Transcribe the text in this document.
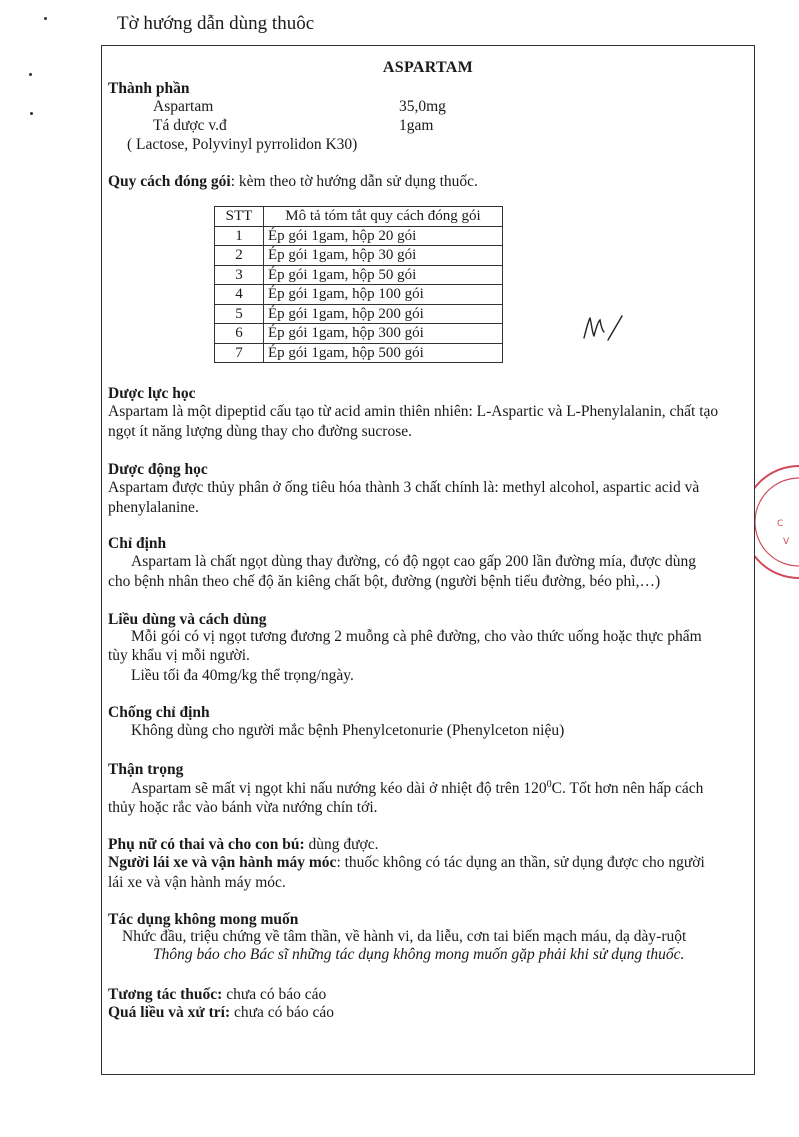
Tờ hướng dẫn dùng thuôc
ASPARTAM
Thành phần
Aspartam	35,0mg
Tá dược v.đ	1gam
( Lactose, Polyvinyl pyrrolidon K30)
Quy cách đóng gói: kèm theo tờ hướng dẫn sử dụng thuốc.
STT	Mô tả tóm tắt quy cách đóng gói
1	Ép gói 1gam, hộp 20 gói
2	Ép gói 1gam, hộp 30 gói
3	Ép gói 1gam, hộp 50 gói
4	Ép gói 1gam, hộp 100 gói
5	Ép gói 1gam, hộp 200 gói
6	Ép gói 1gam, hộp 300 gói
7	Ép gói 1gam, hộp 500 gói
Dược lực học
Aspartam là một dipeptid cấu tạo từ acid amin thiên nhiên: L-Aspartic và L-Phenylalanin, chất tạo
ngọt ít năng lượng dùng thay cho đường sucrose.
Dược động học
Aspartam được thủy phân ở ống tiêu hóa thành 3 chất chính là: methyl alcohol, aspartic acid và
phenylalanine.
Chỉ định
Aspartam là chất ngọt dùng thay đường, có độ ngọt cao gấp 200 lần đường mía, được dùng
cho bệnh nhân theo chế độ ăn kiêng chất bột, đường (người bệnh tiểu đường, béo phì,…)
Liều dùng và cách dùng
Mỗi gói có vị ngọt tương đương 2 muỗng cà phê đường, cho vào thức uống hoặc thực phẩm
tùy khẩu vị mỗi người.
Liều tối đa 40mg/kg thể trọng/ngày.
Chống chỉ định
Không dùng cho người mắc bệnh Phenylcetonurie (Phenylceton niệu)
Thận trọng
Aspartam sẽ mất vị ngọt khi nấu nướng kéo dài ở nhiệt độ trên $120^0C$. Tốt hơn nên hấp cách
thủy hoặc rắc vào bánh vừa nướng chín tới.
Phụ nữ có thai và cho con bú: dùng được.
Người lái xe và vận hành máy móc: thuốc không có tác dụng an thần, sử dụng được cho người
lái xe và vận hành máy móc.
Tác dụng không mong muốn
Nhức đầu, triệu chứng về tâm thần, về hành vi, da liễu, cơn tai biến mạch máu, dạ dày-ruột
Thông báo cho Bác sĩ những tác dụng không mong muốn gặp phải khi sử dụng thuốc.
Tương tác thuốc: chưa có báo cáo
Quá liều và xử trí: chưa có báo cáo
C
V
